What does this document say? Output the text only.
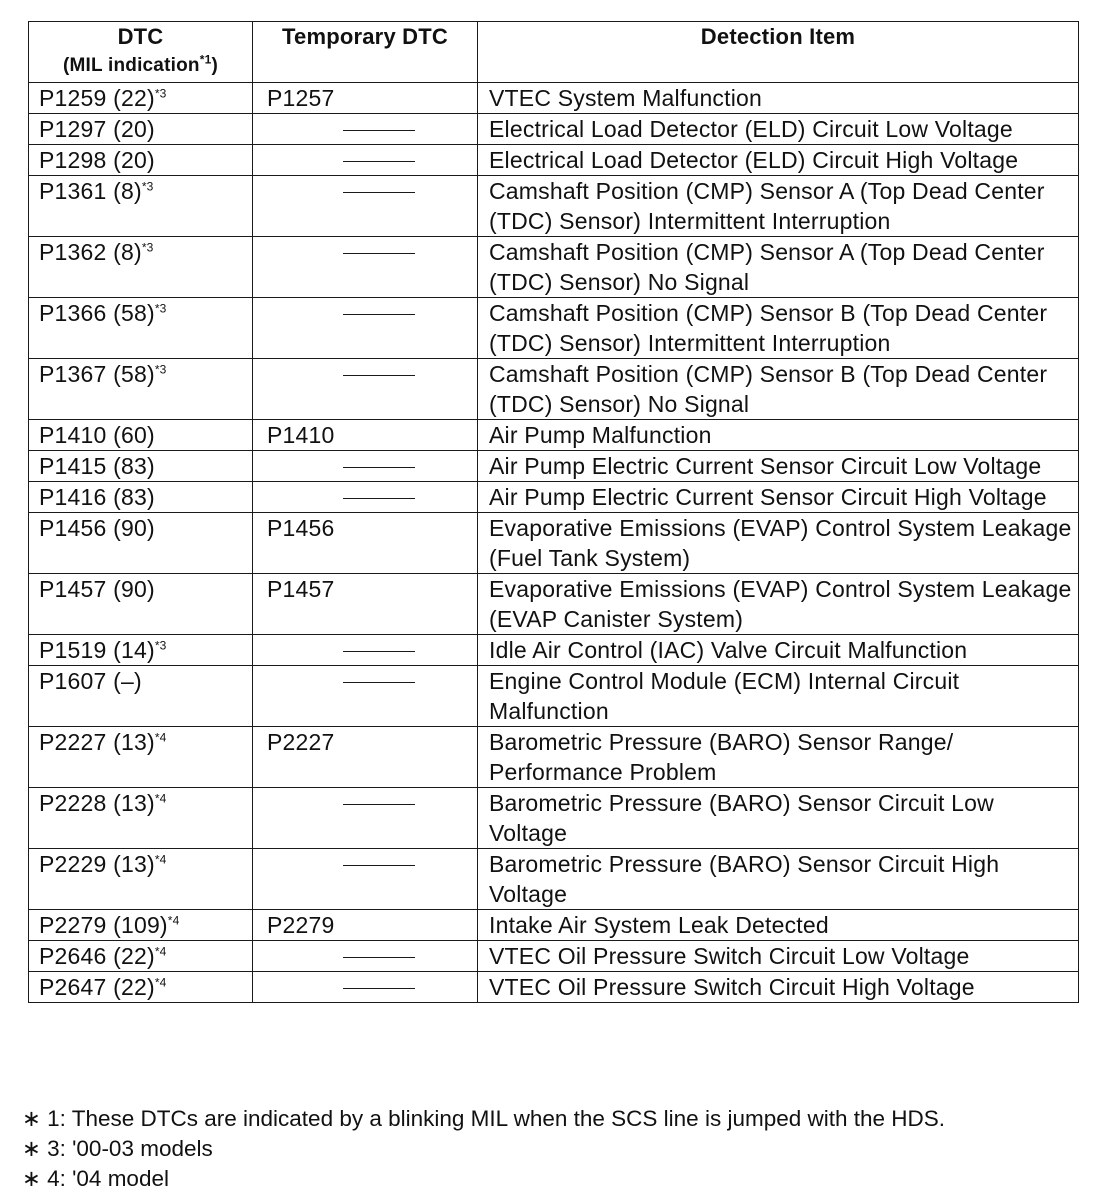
DTC
(MIL indication$^{*1}$)	Temporary DTC	Detection Item
P1259 $(22)^{*3}$	P1257	VTEC System Malfunction
P1297 (20)		Electrical Load Detector (ELD) Circuit Low Voltage
P1298 (20)		Electrical Load Detector (ELD) Circuit High Voltage
P1361 $(8)^{*3}$		Camshaft Position (CMP) Sensor A (Top Dead Center (TDC) Sensor) Intermittent Interruption
P1362 $(8)^{*3}$		Camshaft Position (CMP) Sensor A (Top Dead Center (TDC) Sensor) No Signal
P1366 $(58)^{*3}$		Camshaft Position (CMP) Sensor B (Top Dead Center (TDC) Sensor) Intermittent Interruption
P1367 $(58)^{*3}$		Camshaft Position (CMP) Sensor B (Top Dead Center (TDC) Sensor) No Signal
P1410 (60)	P1410	Air Pump Malfunction
P1415 (83)		Air Pump Electric Current Sensor Circuit Low Voltage
P1416 (83)		Air Pump Electric Current Sensor Circuit High Voltage
P1456 (90)	P1456	Evaporative Emissions (EVAP) Control System Leakage (Fuel Tank System)
P1457 (90)	P1457	Evaporative Emissions (EVAP) Control System Leakage (EVAP Canister System)
P1519 $(14)^{*3}$		Idle Air Control (IAC) Valve Circuit Malfunction
P1607 (–)		Engine Control Module (ECM) Internal Circuit Malfunction
P2227 $(13)^{*4}$	P2227	Barometric Pressure (BARO) Sensor Range/ Performance Problem
P2228 $(13)^{*4}$		Barometric Pressure (BARO) Sensor Circuit Low Voltage
P2229 $(13)^{*4}$		Barometric Pressure (BARO) Sensor Circuit High Voltage
P2279 $(109)^{*4}$	P2279	Intake Air System Leak Detected
P2646 $(22)^{*4}$		VTEC Oil Pressure Switch Circuit Low Voltage
P2647 $(22)^{*4}$		VTEC Oil Pressure Switch Circuit High Voltage
∗ 1: These DTCs are indicated by a blinking MIL when the SCS line is jumped with the HDS.
∗ 3: '00-03 models
∗ 4: '04 model
